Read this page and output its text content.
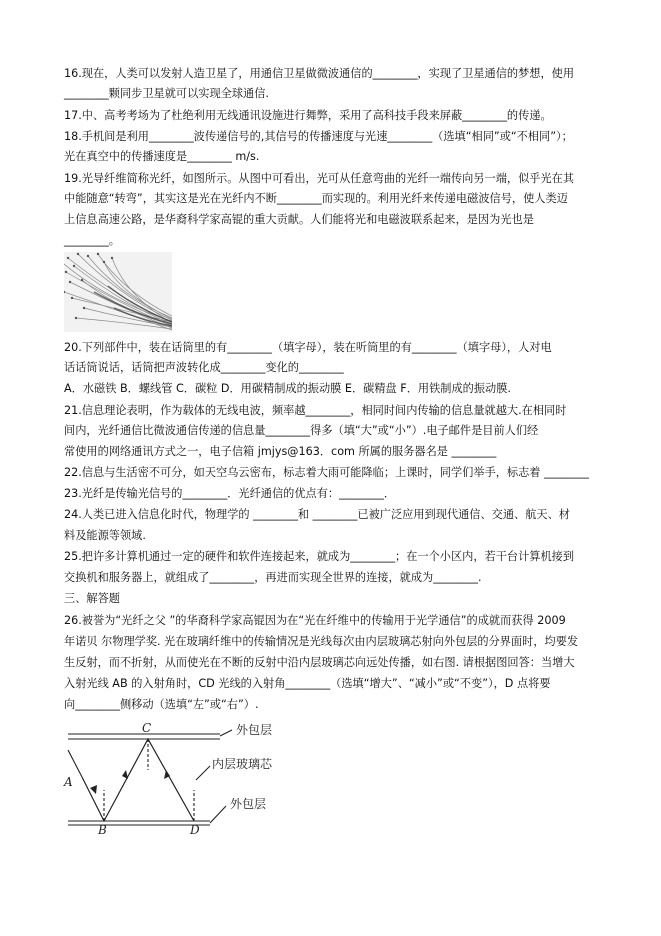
16.现在，人类可以发射人造卫星了，用通信卫星做微波通信的________，实现了卫星通信的梦想，使用
________颗同步卫星就可以实现全球通信.
17.中、高考考场为了杜绝利用无线通讯设施进行舞弊，采用了高科技手段来屏蔽________的传递。
18.手机间是利用________波传递信号的,其信号的传播速度与光速________（选填“相同”或“不相同”）；
光在真空中的传播速度是________ m/s.
19.光导纤维简称光纤，如图所示。从图中可看出，光可从任意弯曲的光纤一端传向另一端，似乎光在其
中能随意“转弯”，其实这是光在光纤内不断________而实现的。利用光纤来传递电磁波信号，使人类迈
上信息高速公路，是华裔科学家高锟的重大贡献。人们能将光和电磁波联系起来，是因为光也是
________。
20.下列部件中，装在话筒里的有________（填字母），装在听筒里的有________（填字母），人对电
话话筒说话，话筒把声波转化成________变化的________
A．水磁铁 B．螺线管 C．碳粒 D．用碳精制成的振动膜 E．碳精盘 F．用铁制成的振动膜.
21.信息理论表明，作为载体的无线电波，频率越________，相同时间内传输的信息量就越大.在相同时
间内，光纤通信比微波通信传递的信息量________得多（填“大”或“小”）.电子邮件是目前人们经
常使用的网络通讯方式之一，电子信箱 jmjys@163．com 所属的服务器名是 ________
22.信息与生活密不可分，如天空乌云密布，标志着大雨可能降临；上课时，同学们举手，标志着 ________
23.光纤是传输光信号的________．光纤通信的优点有：________．
24.人类已进入信息化时代，物理学的 ________和 ________已被广泛应用到现代通信、交通、航天、材
料及能源等领域.
25.把许多计算机通过一定的硬件和软件连接起来，就成为________；在一个小区内，若干台计算机接到
交换机和服务器上，就组成了________，再进而实现全世界的连接，就成为________.
三、解答题
26.被誉为“光纤之父 ”的华裔科学家高锟因为在“光在纤维中的传输用于光学通信”的成就而获得 2009
年诺贝 尔物理学奖. 光在玻璃纤维中的传输情况是光线每次由内层玻璃芯射向外包层的分界面时，均要发
生反射，而不折射，从而使光在不断的反射中沿内层玻璃芯向远处传播，如右图. 请根据图回答：当增大
入射光线 AB 的入射角时，CD 光线的入射角________（选填“增大”、“减小”或“不变”），D 点将要
向________侧移动（选填“左”或“右”）.
A
B
C
D
外包层
内层玻璃芯
外包层
